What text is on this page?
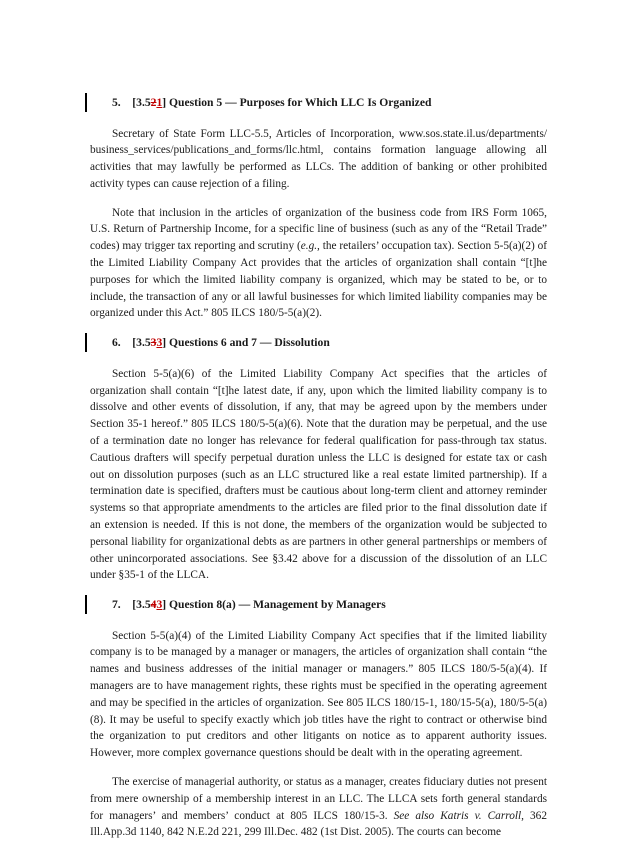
5. [3.521] Question 5 — Purposes for Which LLC Is Organized

Secretary of State Form LLC-5.5, Articles of Incorporation, www.sos.state.il.us/departments/ business_services/publications_and_forms/llc.html, contains formation language allowing all activities that may lawfully be performed as LLCs. The addition of banking or other prohibited activity types can cause rejection of a filing.

Note that inclusion in the articles of organization of the business code from IRS Form 1065, U.S. Return of Partnership Income, for a specific line of business (such as any of the “Retail Trade” codes) may trigger tax reporting and scrutiny (e.g., the retailers’ occupation tax). Section 5-5(a)(2) of the Limited Liability Company Act provides that the articles of organization shall contain “[t]he purposes for which the limited liability company is organized, which may be stated to be, or to include, the transaction of any or all lawful businesses for which limited liability companies may be organized under this Act.” 805 ILCS 180/5-5(a)(2).

6. [3.533] Questions 6 and 7 — Dissolution

Section 5-5(a)(6) of the Limited Liability Company Act specifies that the articles of organization shall contain “[t]he latest date, if any, upon which the limited liability company is to dissolve and other events of dissolution, if any, that may be agreed upon by the members under Section 35-1 hereof.” 805 ILCS 180/5-5(a)(6). Note that the duration may be perpetual, and the use of a termination date no longer has relevance for federal qualification for pass-through tax status. Cautious drafters will specify perpetual duration unless the LLC is designed for estate tax or cash out on dissolution purposes (such as an LLC structured like a real estate limited partnership). If a termination date is specified, drafters must be cautious about long-term client and attorney reminder systems so that appropriate amendments to the articles are filed prior to the final dissolution date if an extension is needed. If this is not done, the members of the organization would be subjected to personal liability for organizational debts as are partners in other general partnerships or members of other unincorporated associations. See §3.42 above for a discussion of the dissolution of an LLC under §35-1 of the LLCA.

7. [3.543] Question 8(a) — Management by Managers

Section 5-5(a)(4) of the Limited Liability Company Act specifies that if the limited liability company is to be managed by a manager or managers, the articles of organization shall contain “the names and business addresses of the initial manager or managers.” 805 ILCS 180/5-5(a)(4). If managers are to have management rights, these rights must be specified in the operating agreement and may be specified in the articles of organization. See 805 ILCS 180/15-1, 180/15-5(a), 180/5-5(a)(8). It may be useful to specify exactly which job titles have the right to contract or otherwise bind the organization to put creditors and other litigants on notice as to apparent authority issues. However, more complex governance questions should be dealt with in the operating agreement.

The exercise of managerial authority, or status as a manager, creates fiduciary duties not present from mere ownership of a membership interest in an LLC. The LLCA sets forth general standards for managers’ and members’ conduct at 805 ILCS 180/15-3. See also Katris v. Carroll, 362 Ill.App.3d 1140, 842 N.E.2d 221, 299 Ill.Dec. 482 (1st Dist. 2005). The courts can become
